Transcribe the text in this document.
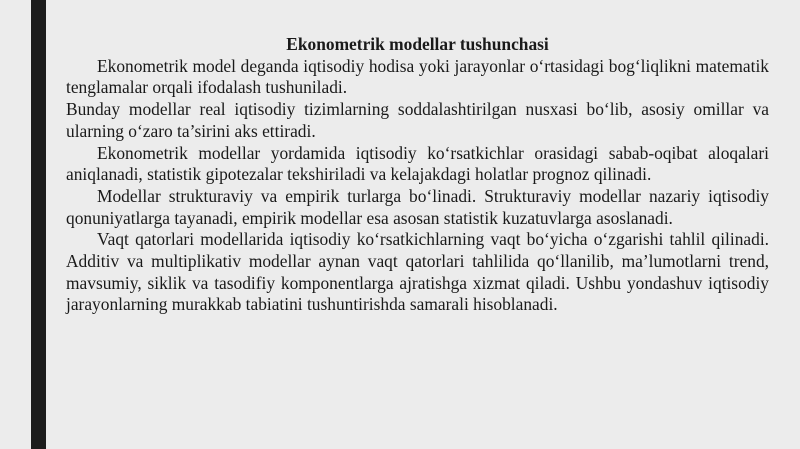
Ekonometrik modellar tushunchasi

Ekonometrik model deganda iqtisodiy hodisa yoki jarayonlar o‘rtasidagi bog‘liqlikni matematik tenglamalar orqali ifodalash tushuniladi.

Bunday modellar real iqtisodiy tizimlarning soddalashtirilgan nusxasi bo‘lib, asosiy omillar va ularning o‘zaro ta’sirini aks ettiradi.

Ekonometrik modellar yordamida iqtisodiy ko‘rsatkichlar orasidagi sabab-oqibat aloqalari aniqlanadi, statistik gipotezalar tekshiriladi va kelajakdagi holatlar prognoz qilinadi.

Modellar strukturaviy va empirik turlarga bo‘linadi. Strukturaviy modellar nazariy iqtisodiy qonuniyatlarga tayanadi, empirik modellar esa asosan statistik kuzatuvlarga asoslanadi.

Vaqt qatorlari modellarida iqtisodiy ko‘rsatkichlarning vaqt bo‘yicha o‘zgarishi tahlil qilinadi. Additiv va multiplikativ modellar aynan vaqt qatorlari tahlilida qo‘llanilib, ma’lumotlarni trend, mavsumiy, siklik va tasodifiy komponentlarga ajratishga xizmat qiladi. Ushbu yondashuv iqtisodiy jarayonlarning murakkab tabiatini tushuntirishda samarali hisoblanadi.
